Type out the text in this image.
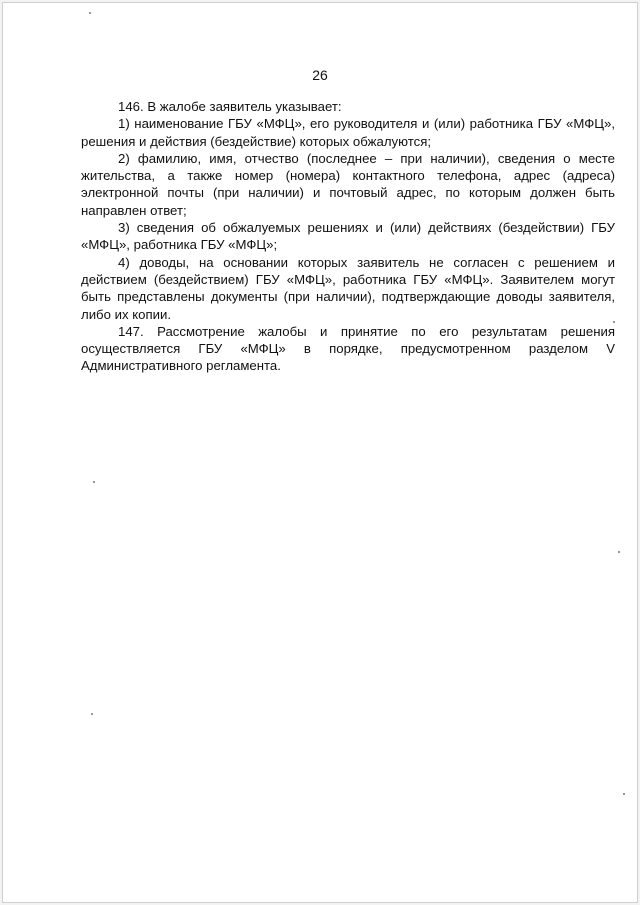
26

146. В жалобе заявитель указывает:

1) наименование ГБУ «МФЦ», его руководителя и (или) работника ГБУ «МФЦ», решения и действия (бездействие) которых обжалуются;

2) фамилию, имя, отчество (последнее – при наличии), сведения о месте жительства, а также номер (номера) контактного телефона, адрес (адреса) электронной почты (при наличии) и почтовый адрес, по которым должен быть направлен ответ;

3) сведения об обжалуемых решениях и (или) действиях (бездействии) ГБУ «МФЦ», работника ГБУ «МФЦ»;

4) доводы, на основании которых заявитель не согласен с решением и действием (бездействием) ГБУ «МФЦ», работника ГБУ «МФЦ». Заявителем могут быть представлены документы (при наличии), подтверждающие доводы заявителя, либо их копии.

147. Рассмотрение жалобы и принятие по его результатам решения осуществляется ГБУ «МФЦ» в порядке, предусмотренном разделом V Административного регламента.
